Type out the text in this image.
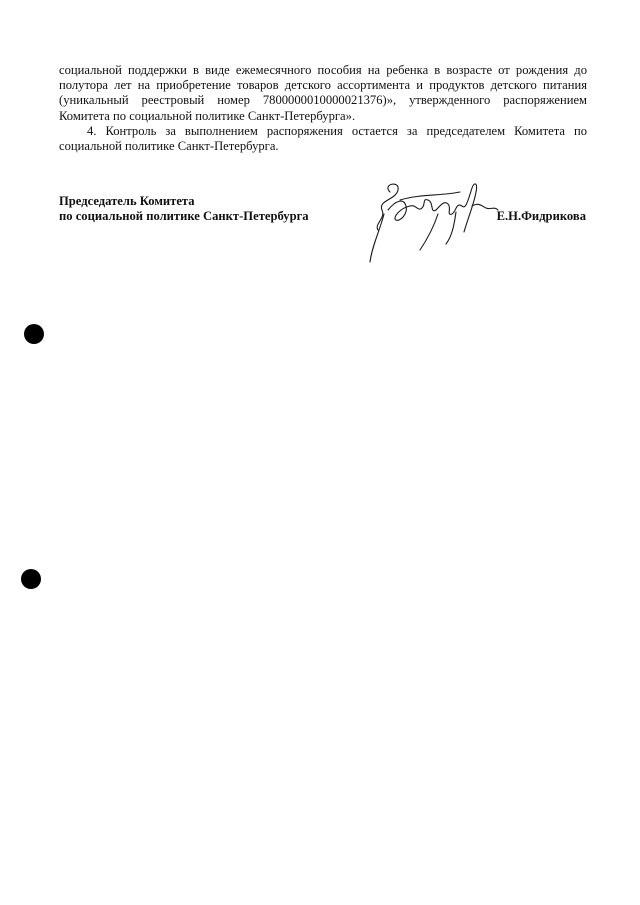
социальной поддержки в виде ежемесячного пособия на ребенка в возрасте от рождения до полутора лет на приобретение товаров детского ассортимента и продуктов детского питания (уникальный реестровый номер 7800000010000021376)», утвержденного распоряжением Комитета по социальной политике Санкт-Петербурга».

4. Контроль за выполнением распоряжения остается за председателем Комитета по социальной политике Санкт-Петербурга.

Председатель Комитета
по социальной политике Санкт-Петербурга	Е.Н.Фидрикова
